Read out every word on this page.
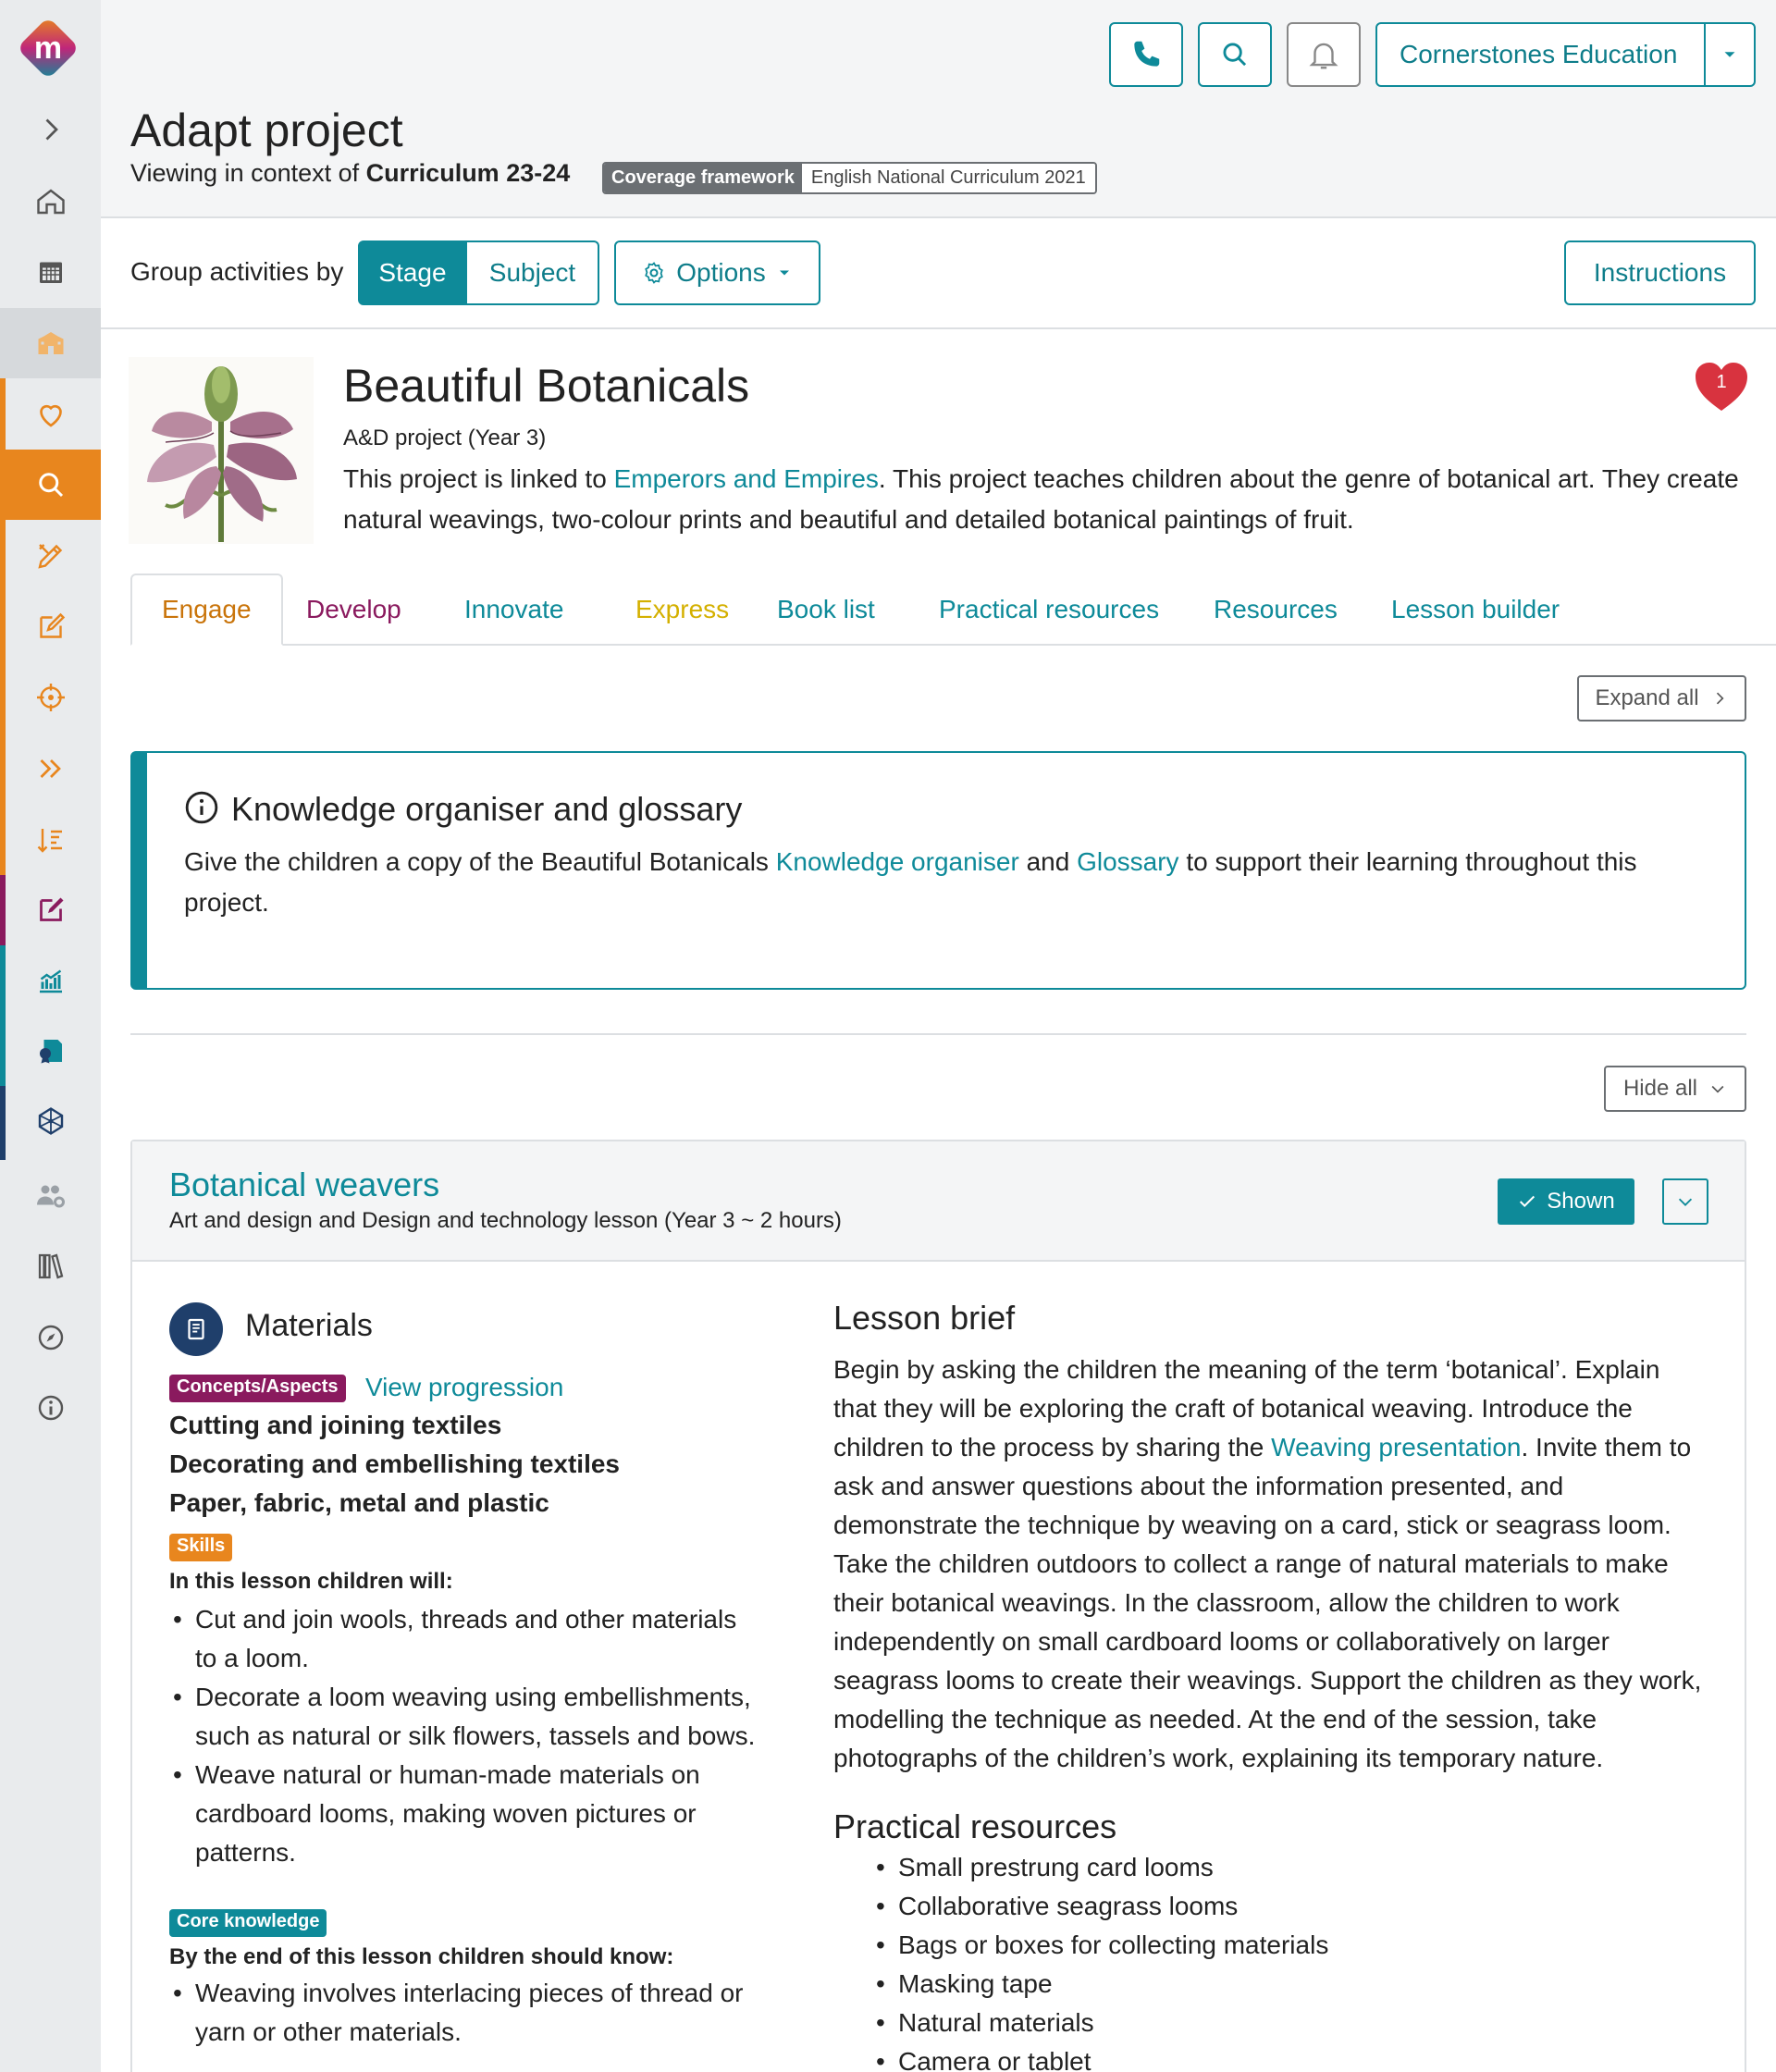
m	Cornerstones Education
Adapt project
Viewing in context of Curriculum 23-24	Coverage framework English National Curriculum 2021
Group activities by	Stage	Subject	Options	Instructions
Beautiful Botanicals
A&D project (Year 3)
This project is linked to Emperors and Empires. This project teaches children about the genre of botanical art. They create natural weavings, two-colour prints and beautiful and detailed botanical paintings of fruit.
1
Engage Develop Innovate	Express Book list Practical resources Resources Lesson builder
Expand all
Knowledge organiser and glossary
Give the children a copy of the Beautiful Botanicals Knowledge organiser and Glossary to support their learning throughout this project.
Hide all
Botanical weavers
Art and design and Design and technology lesson (Year 3 ~ 2 hours)
Shown
Materials
Concepts/Aspects View progression
Cutting and joining textiles
Decorating and embellishing textiles
Paper, fabric, metal and plastic
Skills
In this lesson children will:
• Cut and join wools, threads and other materials to a loom.
• Decorate a loom weaving using embellishments, such as natural or silk flowers, tassels and bows.
• Weave natural or human-made materials on cardboard looms, making woven pictures or patterns.
Core knowledge
By the end of this lesson children should know:
• Weaving involves interlacing pieces of thread or yarn or other materials.
Lesson brief
Begin by asking the children the meaning of the term ‘botanical’. Explain that they will be exploring the craft of botanical weaving. Introduce the children to the process by sharing the Weaving presentation. Invite them to ask and answer questions about the information presented, and demonstrate the technique by weaving on a card, stick or seagrass loom. Take the children outdoors to collect a range of natural materials to make their botanical weavings. In the classroom, allow the children to work independently on small cardboard looms or collaboratively on larger seagrass looms to create their weavings. Support the children as they work, modelling the technique as needed. At the end of the session, take photographs of the children’s work, explaining its temporary nature.
Practical resources
• Small prestrung card looms
• Collaborative seagrass looms
• Bags or boxes for collecting materials
• Masking tape
• Natural materials
• Camera or tablet
